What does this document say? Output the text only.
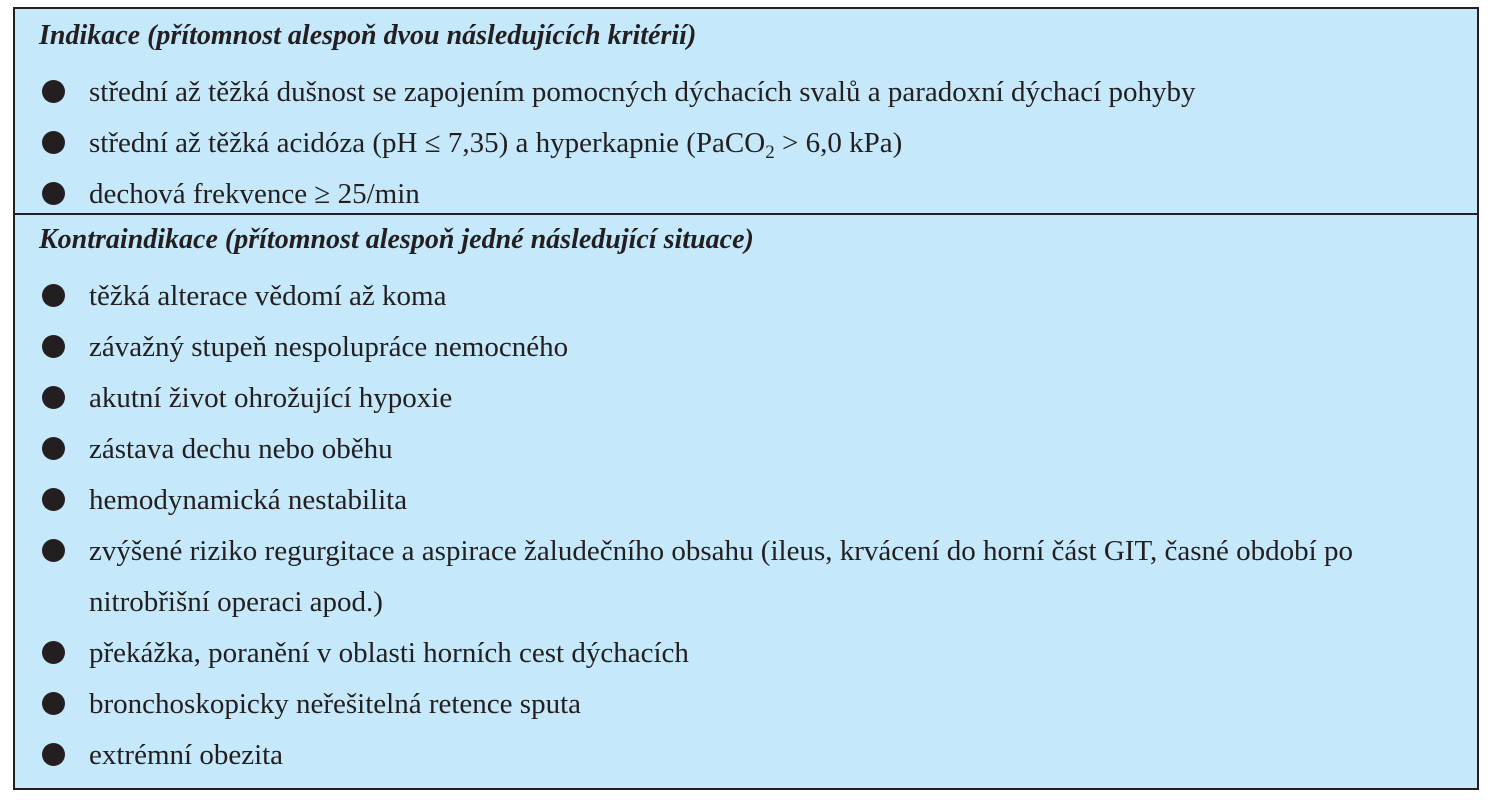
Indikace (přítomnost alespoň dvou následujících kritérií)
střední až těžká dušnost se zapojením pomocných dýchacích svalů a paradoxní dýchací pohyby
střední až těžká acidóza (pH ≤ 7,35) a hyperkapnie (PaCO$_2$ > 6,0 kPa)
dechová frekvence ≥ 25/min
Kontraindikace (přítomnost alespoň jedné následující situace)
těžká alterace vědomí až koma
závažný stupeň nespolupráce nemocného
akutní život ohrožující hypoxie
zástava dechu nebo oběhu
hemodynamická nestabilita
zvýšené riziko regurgitace a aspirace žaludečního obsahu (ileus, krvácení do horní část GIT, časné období po nitrobřišní operaci apod.)
překážka, poranění v oblasti horních cest dýchacích
bronchoskopicky neřešitelná retence sputa
extrémní obezita
